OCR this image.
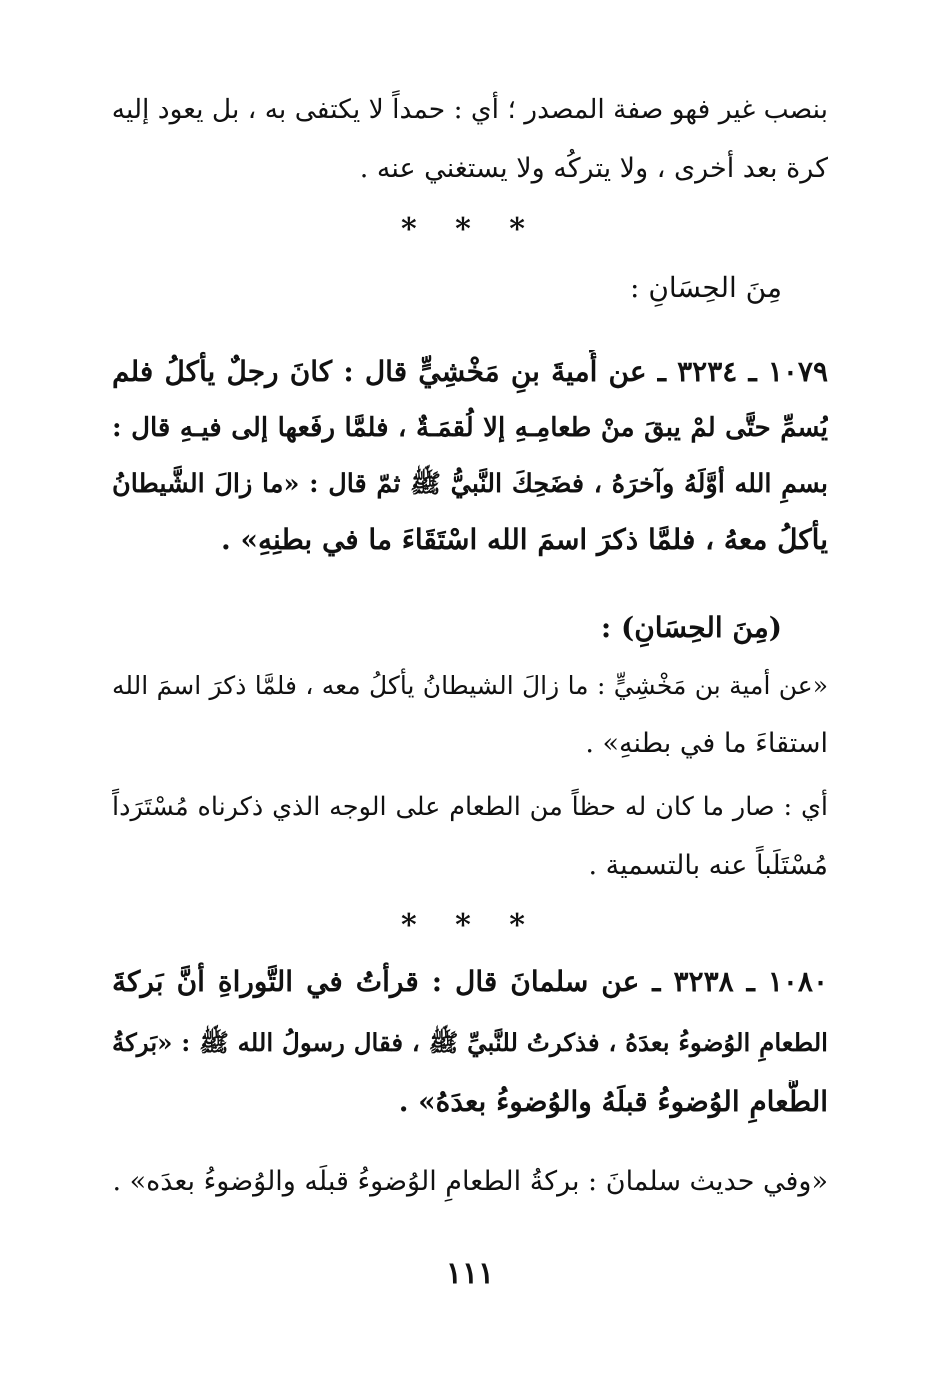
بنصب غير فهو صفة المصدر ؛ أي : حمداً لا يكتفى به ، بل يعود إليه
كرة بعد أخرى ، ولا يتركُه ولا يستغني عنه .
* * *
مِنَ الحِسَانِ :
١٠٧٩ ـ ٣٢٣٤ ـ عن أُميةَ بنِ مَخْشِيٍّ قال : كانَ رجلٌ يأكلُ فلم
يُسمِّ حتَّى لمْ يبقَ منْ طعامِـهِ إلا لُقمَـةٌ ، فلمَّا رفَعها إلى فيـهِ قال :
بسمِ الله أوَّلَهُ وآخرَهُ ، فضَحِكَ النَّبيُّ ﷺ ثمّ قال : «ما زالَ الشَّيطانُ
يأكلُ معهُ ، فلمَّا ذكرَ اسمَ الله اسْتَقَاءَ ما في بطنِهِ» .
(مِنَ الحِسَانِ) :
«عن أمية بن مَخْشِيٍّ : ما زالَ الشيطانُ يأكلُ معه ، فلمَّا ذكرَ اسمَ الله
استقاءَ ما في بطنهِ» .
أي : صار ما كان له حظاً من الطعام على الوجه الذي ذكرناه مُسْتَرَداً
مُسْتَلَباً عنه بالتسمية .
* * *
١٠٨٠ ـ ٣٢٣٨ ـ عن سلمانَ قال : قرأتُ في التَّوراةِ أنَّ بَركةَ
الطعامِ الوُضوءُ بعدَهُ ، فذكرتُ للنَّبيِّ ﷺ ، فقال رسولُ الله ﷺ : «بَركةُ
الطَّعامِ الوُضوءُ قبلَهُ والوُضوءُ بعدَهُ» .
«وفي حديث سلمانَ : بركةُ الطعامِ الوُضوءُ قبلَه والوُضوءُ بعدَه» .
١١١
